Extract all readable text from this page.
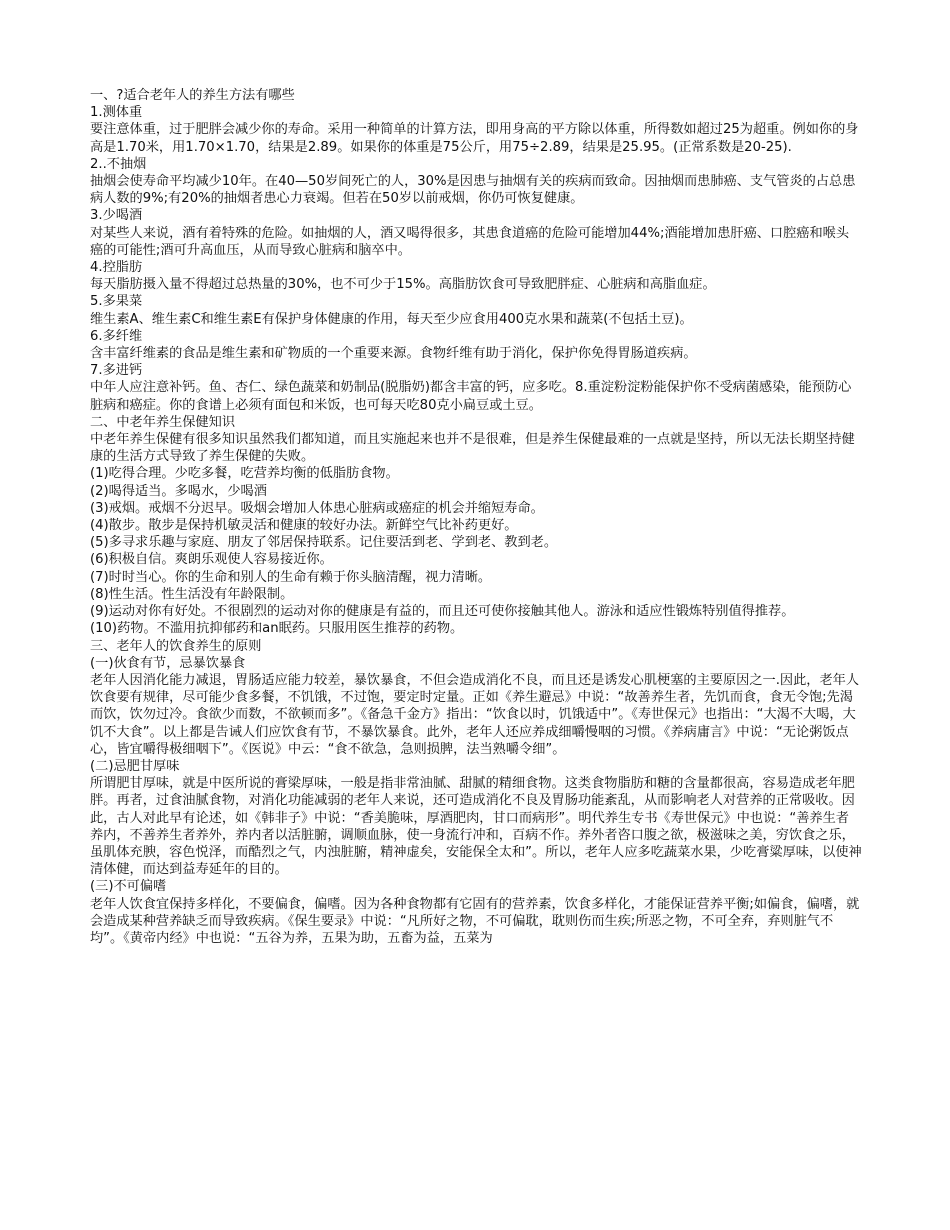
一、?适合老年人的养生方法有哪些

1.测体重

要注意体重，过于肥胖会减少你的寿命。采用一种简单的计算方法，即用身高的平方除以体重，所得数如超过25为超重。例如你的身高是1.70米，用1.70×1.70，结果是2.89。如果你的体重是75公斤，用75÷2.89，结果是25.95。(正常系数是20-25).

2..不抽烟

抽烟会使寿命平均减少10年。在40—50岁间死亡的人，30%是因患与抽烟有关的疾病而致命。因抽烟而患肺癌、支气管炎的占总患病人数的9%;有20%的抽烟者患心力衰竭。但若在50岁以前戒烟，你仍可恢复健康。

3.少喝酒

对某些人来说，酒有着特殊的危险。如抽烟的人，酒又喝得很多，其患食道癌的危险可能增加44%;酒能增加患肝癌、口腔癌和喉头癌的可能性;酒可升高血压，从而导致心脏病和脑卒中。

4.控脂肪

每天脂肪摄入量不得超过总热量的30%，也不可少于15%。高脂肪饮食可导致肥胖症、心脏病和高脂血症。

5.多果菜

维生素A、维生素C和维生素E有保护身体健康的作用，每天至少应食用400克水果和蔬菜(不包括土豆)。

6.多纤维

含丰富纤维素的食品是维生素和矿物质的一个重要来源。食物纤维有助于消化，保护你免得胃肠道疾病。

7.多进钙

中年人应注意补钙。鱼、杏仁、绿色蔬菜和奶制品(脱脂奶)都含丰富的钙，应多吃。8.重淀粉淀粉能保护你不受病菌感染，能预防心脏病和癌症。你的食谱上必须有面包和米饭，也可每天吃80克小扁豆或土豆。

二、中老年养生保健知识

中老年养生保健有很多知识虽然我们都知道，而且实施起来也并不是很难，但是养生保健最难的一点就是坚持，所以无法长期坚持健康的生活方式导致了养生保健的失败。

(1)吃得合理。少吃多餐，吃营养均衡的低脂肪食物。

(2)喝得适当。多喝水，少喝酒

(3)戒烟。戒烟不分迟早。吸烟会增加人体患心脏病或癌症的机会并缩短寿命。

(4)散步。散步是保持机敏灵活和健康的较好办法。新鲜空气比补药更好。

(5)多寻求乐趣与家庭、朋友了邻居保持联系。记住要活到老、学到老、教到老。

(6)积极自信。爽朗乐观使人容易接近你。

(7)时时当心。你的生命和别人的生命有赖于你头脑清醒，视力清晰。

(8)性生活。性生活没有年龄限制。

(9)运动对你有好处。不很剧烈的运动对你的健康是有益的，而且还可使你接触其他人。游泳和适应性锻炼特别值得推荐。

(10)药物。不滥用抗抑郁药和an眠药。只服用医生推荐的药物。

三、老年人的饮食养生的原则

(一)伙食有节，忌暴饮暴食

老年人因消化能力减退，胃肠适应能力较差，暴饮暴食，不但会造成消化不良，而且还是诱发心肌梗塞的主要原因之一.因此，老年人饮食要有规律，尽可能少食多餐，不饥饿，不过饱，要定时定量。正如《养生避忌》中说：“故善养生者，先饥而食，食无令饱;先渴而饮，饮勿过冷。食欲少而数，不欲顿而多”。《备急千金方》指出：“饮食以时，饥饿适中”。《寿世保元》也指出：“大渴不大喝，大饥不大食”。以上都是告诫人们应饮食有节，不暴饮暴食。此外，老年人还应养成细嚼慢咽的习惯。《养病庸言》中说：“无论粥饭点心，皆宜嚼得极细咽下”。《医说》中云：“食不欲急，急则损脾，法当熟嚼令细”。

(二)忌肥甘厚味

所谓肥甘厚味，就是中医所说的膏梁厚味，一般是指非常油腻、甜腻的精细食物。这类食物脂肪和糖的含量都很高，容易造成老年肥胖。再者，过食油腻食物，对消化功能减弱的老年人来说，还可造成消化不良及胃肠功能紊乱，从而影响老人对营养的正常吸收。因此，古人对此早有论述，如《韩非子》中说：“香美脆味，厚酒肥肉，甘口而病形”。明代养生专书《寿世保元》中也说：“善养生者养内，不善养生者养外，养内者以活脏腑，调顺血脉，使一身流行冲和，百病不作。养外者咨口腹之欲，极滋味之美，穷饮食之乐，虽肌体充腴，容色悦泽，而酷烈之气，内浊脏腑，精神虚矣，安能保全太和”。所以，老年人应多吃蔬菜水果，少吃膏粱厚味，以使神清体健，而达到益寿延年的目的。

(三)不可偏嗜

老年人饮食宜保持多样化，不要偏食，偏嗜。因为各种食物都有它固有的营养素，饮食多样化，才能保证营养平衡;如偏食，偏嗜，就会造成某种营养缺乏而导致疾病。《保生要录》中说：“凡所好之物，不可偏耽，耽则伤而生疾;所恶之物，不可全弃，弃则脏气不均”。《黄帝内经》中也说：“五谷为养，五果为助，五畜为益，五菜为
